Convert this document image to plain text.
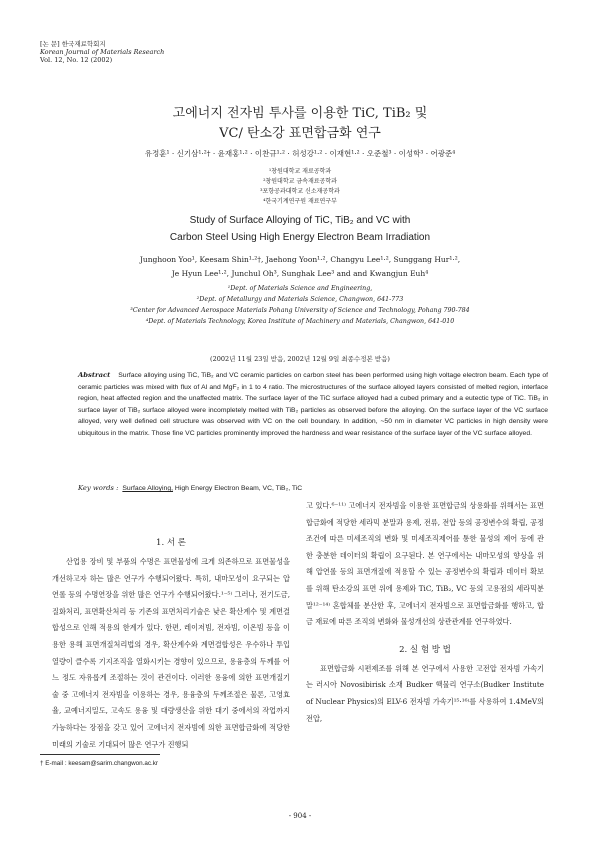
[논 문] 한국재료학회지
Korean Journal of Materials Research
Vol. 12, No. 12 (2002)
고에너지 전자빔 투사를 이용한 TiC, TiB₂ 및
VC/ 탄소강 표면합금화 연구
유정훈¹ · 신기삼¹·²† · 윤재홍¹·² · 이찬규¹·² · 허성강¹·² · 이재현¹·² · 오준철³ · 이성학³ · 어광준⁴
¹창원대학교 재료공학과
²창원대학교 금속재료공학과
³포항공과대학교 신소재공학과
⁴한국기계연구원 재료연구부
Study of Surface Alloying of TiC, TiB₂ and VC with
Carbon Steel Using High Energy Electron Beam Irradiation
Junghoon Yoo¹, Keesam Shin¹·²†, Jaehong Yoon¹·², Changyu Lee¹·², Sunggang Hur¹·²,
Je Hyun Lee¹·², Junchul Oh³, Sunghak Lee³ and and Kwangjun Euh⁴
¹Dept. of Materials Science and Engineering,
²Dept. of Metallurgy and Materials Science, Changwon, 641-773
³Center for Advanced Aerospace Materials Pohang University of Science and Technology, Pohang 790-784
⁴Dept. of Materials Technology, Korea Institute of Machinery and Materials, Changwon, 641-010
(2002년 11월 23일 받음, 2002년 12월 9일 최종수정본 받음)
Abstract Surface alloying using TiC, TiB₂ and VC ceramic particles on carbon steel has been performed using high voltage electron beam. Each type of ceramic particles was mixed with flux of Al and MgF₂ in 1 to 4 ratio. The microstructures of the surface alloyed layers consisted of melted region, interface region, heat affected region and the unaffected matrix. The surface layer of the TiC surface alloyed had a cubed primary and a eutectic type of TiC. TiB₂ in surface layer of TiB₂ surface alloyed were incompletely melted with TiB₂ particles as observed before the alloying. On the surface layer of the VC surface alloyed, very well defined cell structure was observed with VC on the cell boundary. In addition, ~50 nm in diameter VC particles in high density were ubiquitous in the matrix. Those fine VC particles prominently improved the hardness and wear resistance of the surface layer of the VC surface alloyed.
Key words : Surface Alloying, High Energy Electron Beam, VC, TiB₂, TiC
1. 서 론

산업용 장비 및 부품의 수명은 표면물성에 크게 의존하므로 표면물성을 개선하고자 하는 많은 연구가 수행되어왔다. 특히, 내마모성이 요구되는 압연롤 등의 수명연장을 위한 많은 연구가 수행되어왔다.¹⁻⁵⁾ 그러나, 전기도금, 질화처리, 표면확산처리 등 기존의 표면처리기술은 낮은 확산계수 및 계면결합성으로 인해 적용의 한계가 있다. 한편, 레이저빔, 전자빔, 이온빔 등을 이용한 용해 표면개질처리법의 경우, 확산계수와 계면결합성은 우수하나 투입열량이 클수록 기지조직을 열화시키는 경향이 있으므로, 용융층의 두께를 어느 정도 자유롭게 조절하는 것이 관건이다. 이러한 용융에 의한 표면개질기술 중 고에너지 전자빔을 이용하는 경우, 용융층의 두께조절은 물론, 고영효율, 교예너지밀도, 고속도 용융 및 대량생산을 위한 대기 중에서의 작업까지 가능하다는 장점을 갖고 있어 고에너지 전자빔에 의한 표면합금화에 적당한 미래의 기술로 기대되어 많은 연구가 진행되

고 있다.⁶⁻¹¹⁾ 고에너지 전자빔을 이용한 표면합금의 상용화를 위해서는 표면합금화에 적당한 세라믹 분말과 용제, 전류, 전압 등의 공정변수의 확립, 공정조건에 따른 미세조직의 변화 및 미세조직제어를 통한 물성의 제어 등에 관한 충분한 데이터의 확립이 요구된다. 본 연구에서는 내마모성의 향상을 위해 압연롤 등의 표면개질에 적용할 수 있는 공정변수의 확립과 데이터 확보를 위해 탄소강의 표면 위에 용제와 TiC, TiB₂, VC 등의 고용점의 세라믹분말¹²⁻¹⁴⁾ 혼합체를 분산한 후, 고에너지 전자빔으로 표면합금화를 행하고, 합금 재료에 따른 조직의 변화와 물성개선의 상관관계를 연구하였다.

2. 실 험 방 법

표면합금화 시편제조를 위해 본 연구에서 사용한 고전압 전자빔 가속기는 러시아 Novosibirisk 소재 Budker 핵물리 연구소(Budker Institute of Nuclear Physics)의 ELV-6 전자빔 가속기¹⁵·¹⁶⁾를 사용하여 1.4MeV의 전압,

† E-mail : keesam@sarim.changwon.ac.kr
- 904 -
